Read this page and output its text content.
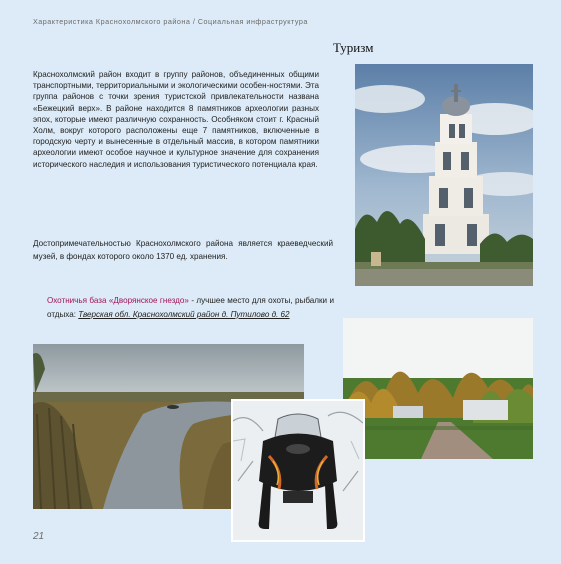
Характеристика Краснохолмского района / Социальная инфраструктура
Туризм

Краснохолмский район входит в группу районов, объединенных общими транспортными, территориальными и экологическими особен-ностями. Эта группа районов с точки зрения туристской привлекательности названа «Бежецкий верх». В районе находится 8 памятников археологии разных эпох, которые имеют различную сохранность. Особняком стоит г. Красный Холм, вокруг которого расположены еще 7 памятников, включенные в городскую черту и вынесенные в отдельный массив, в котором памятники археологии имеют особое научное и культурное значение для сохранения исторического наследия и использования туристического потенциала края.

Достопримечательностью Краснохолмского района является краеведческий музей, в фондах которого около 1370 ед. хранения.

Охотничья база «Дворянское гнездо» - лучшее место для охоты, рыбалки и отдыха: Тверская обл. Краснохолмский район д. Путилово д. 62

21
